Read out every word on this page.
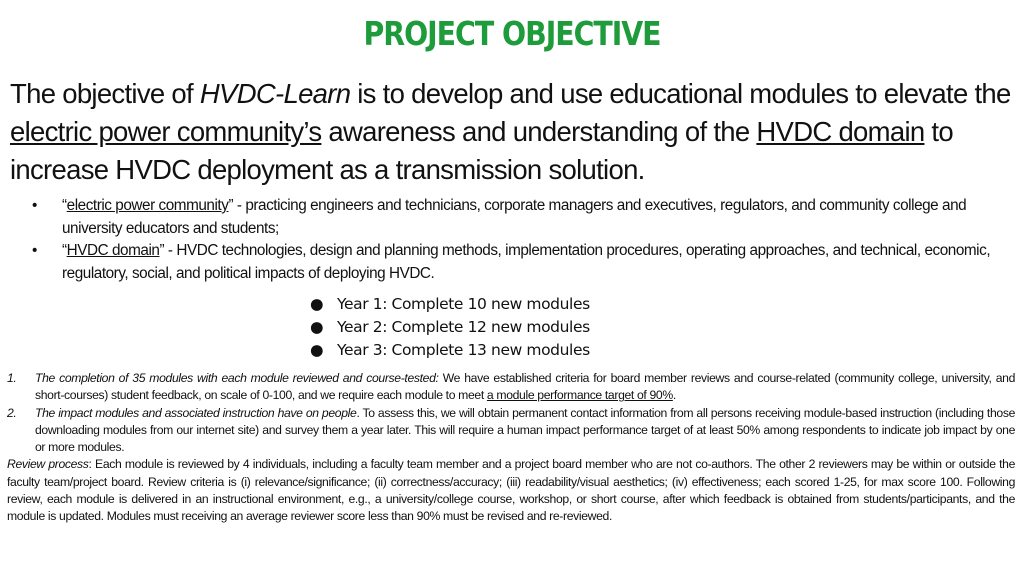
PROJECT OBJECTIVE
The objective of HVDC-Learn is to develop and use educational modules to elevate the electric power community’s awareness and understanding of the HVDC domain to increase HVDC deployment as a transmission solution.
• “electric power community” - practicing engineers and technicians, corporate managers and executives, regulators, and community college and university educators and students;
• “HVDC domain” - HVDC technologies, design and planning methods, implementation procedures, operating approaches, and technical, economic, regulatory, social, and political impacts of deploying HVDC.
● Year 1: Complete 10 new modules
● Year 2: Complete 12 new modules
● Year 3: Complete 13 new modules
1. The completion of 35 modules with each module reviewed and course-tested: We have established criteria for board member reviews and course-related (community college, university, and short-courses) student feedback, on scale of 0-100, and we require each module to meet a module performance target of 90%.
2. The impact modules and associated instruction have on people. To assess this, we will obtain permanent contact information from all persons receiving module-based instruction (including those downloading modules from our internet site) and survey them a year later. This will require a human impact performance target of at least 50% among respondents to indicate job impact by one or more modules.
Review process: Each module is reviewed by 4 individuals, including a faculty team member and a project board member who are not co-authors. The other 2 reviewers may be within or outside the faculty team/project board. Review criteria is (i) relevance/significance; (ii) correctness/accuracy; (iii) readability/visual aesthetics; (iv) effectiveness; each scored 1-25, for max score 100. Following review, each module is delivered in an instructional environment, e.g., a university/college course, workshop, or short course, after which feedback is obtained from students/participants, and the module is updated. Modules must receiving an average reviewer score less than 90% must be revised and re-reviewed.
